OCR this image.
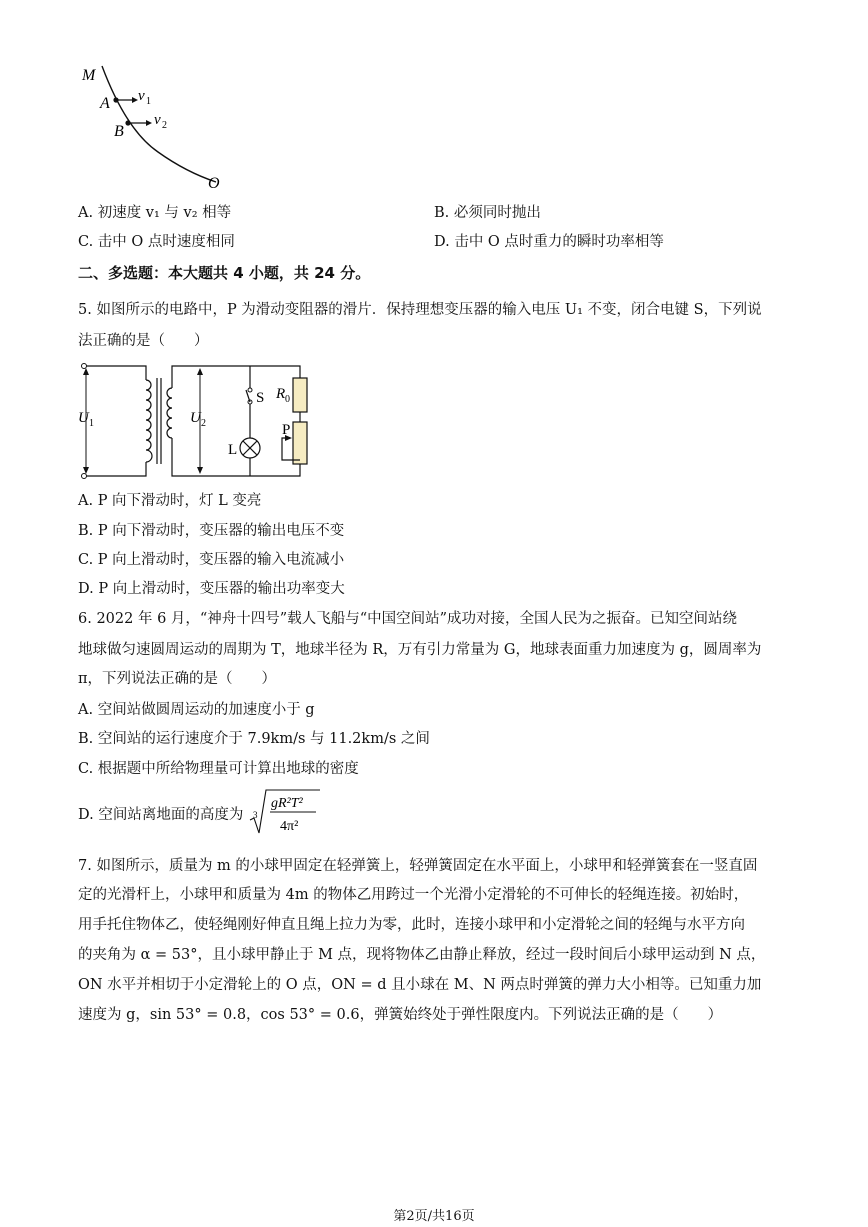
M
A
B
O
v 1
v 2
A. 初速度 v₁ 与 v₂ 相等	B. 必须同时抛出
C. 击中 O 点时速度相同	D. 击中 O 点时重力的瞬时功率相等
二、多选题：本大题共 4 小题，共 24 分。
5. 如图所示的电路中，P 为滑动变阻器的滑片．保持理想变压器的输入电压 U₁ 不变，闭合电键 S，下列说
法正确的是（　　）
U 1	U 2
S
L
R 0
P
A. P 向下滑动时，灯 L 变亮
B. P 向下滑动时，变压器的输出电压不变
C. P 向上滑动时，变压器的输入电流减小
D. P 向上滑动时，变压器的输出功率变大
6. 2022 年 6 月，“神舟十四号”载人飞船与“中国空间站”成功对接，全国人民为之振奋。已知空间站绕
地球做匀速圆周运动的周期为 T，地球半径为 R，万有引力常量为 G，地球表面重力加速度为 g，圆周率为
π，下列说法正确的是（　　）
A. 空间站做圆周运动的加速度小于 g
B. 空间站的运行速度介于 7.9km/s 与 11.2km/s 之间
C. 根据题中所给物理量可计算出地球的密度
D. 空间站离地面的高度为 3
gR²T²
4π²
7. 如图所示，质量为 m 的小球甲固定在轻弹簧上，轻弹簧固定在水平面上，小球甲和轻弹簧套在一竖直固
定的光滑杆上，小球甲和质量为 4m 的物体乙用跨过一个光滑小定滑轮的不可伸长的轻绳连接。初始时，
用手托住物体乙，使轻绳刚好伸直且绳上拉力为零，此时，连接小球甲和小定滑轮之间的轻绳与水平方向
的夹角为 α = 53°，且小球甲静止于 M 点，现将物体乙由静止释放，经过一段时间后小球甲运动到 N 点，
ON 水平并相切于小定滑轮上的 O 点，ON = d 且小球在 M、N 两点时弹簧的弹力大小相等。已知重力加
速度为 g，sin 53° = 0.8，cos 53° = 0.6，弹簧始终处于弹性限度内。下列说法正确的是（　　）
第2页/共16页
